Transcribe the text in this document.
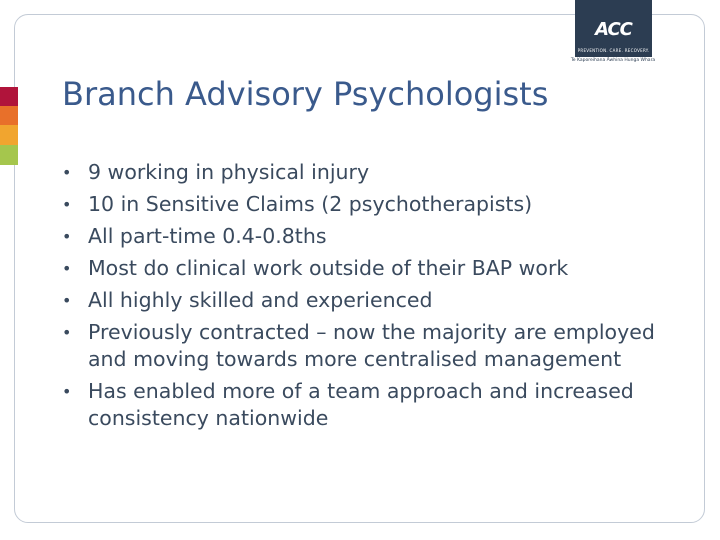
ACC
PREVENTION. CARE. RECOVERY.
Te Kaporeihana Āwhina Hunga Whara
Branch Advisory Psychologists
• 9 working in physical injury
• 10 in Sensitive Claims (2 psychotherapists)
• All part-time 0.4-0.8ths
• Most do clinical work outside of their BAP work
• All highly skilled and experienced
• Previously contracted – now the majority are employed and moving towards more centralised management
• Has enabled more of a team approach and increased consistency nationwide
